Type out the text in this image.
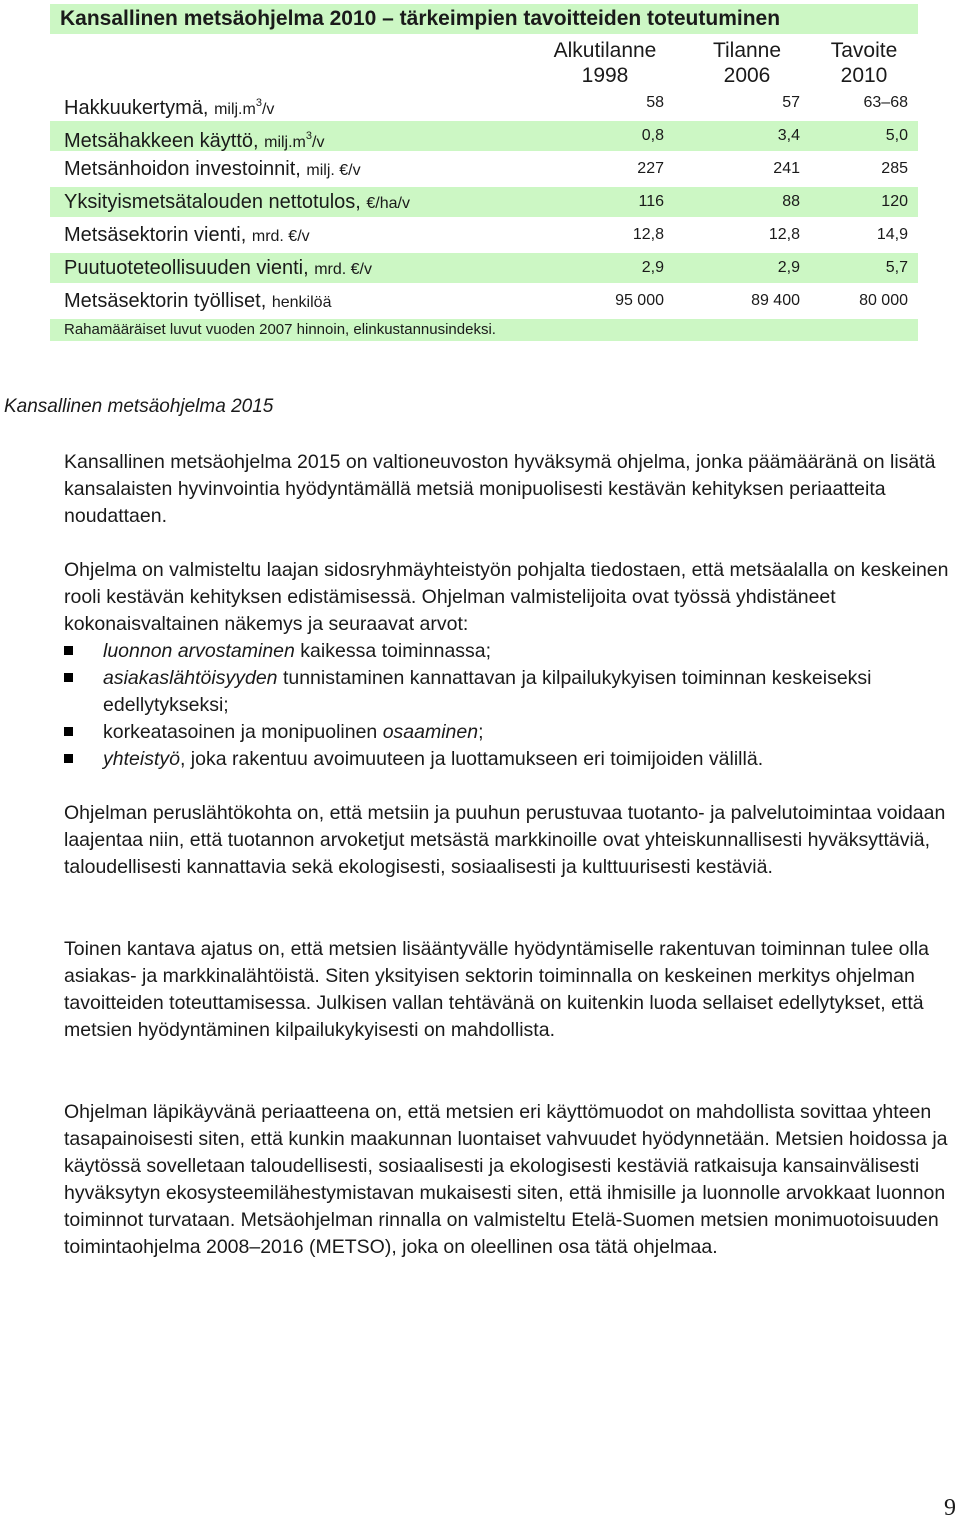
Kansallinen metsäohjelma 2010 – tärkeimpien tavoitteiden toteutuminen
Alkutilanne
1998
Tilanne
2006
Tavoite
2010
Hakkuukertymä, $milj.m^3/v$	58	57	63–68
Metsähakkeen käyttö, $milj.m^3/v$	0,8	3,4	5,0
Metsänhoidon investoinnit, milj. €/v	227	241	285
Yksityismetsätalouden nettotulos, €/ha/v	116	88	120
Metsäsektorin vienti, mrd. €/v	12,8	12,8	14,9
Puutuoteteollisuuden vienti, mrd. €/v	2,9	2,9	5,7
Metsäsektorin työlliset, henkilöä	95 000	89 400	80 000
Rahamääräiset luvut vuoden 2007 hinnoin, elinkustannusindeksi.
Kansallinen metsäohjelma 2015

Kansallinen metsäohjelma 2015 on valtioneuvoston hyväksymä ohjelma, jonka päämääränä on lisätä kansalaisten hyvinvointia hyödyntämällä metsiä monipuolisesti kestävän kehityksen periaatteita noudattaen.

Ohjelma on valmisteltu laajan sidosryhmäyhteistyön pohjalta tiedostaen, että metsäalalla on keskeinen rooli kestävän kehityksen edistämisessä. Ohjelman valmistelijoita ovat työssä yhdistäneet kokonaisvaltainen näkemys ja seuraavat arvot:

luonnon arvostaminen kaikessa toiminnassa;
asiakaslähtöisyyden tunnistaminen kannattavan ja kilpailukykyisen toiminnan keskeiseksi edellytykseksi;
korkeatasoinen ja monipuolinen osaaminen;
yhteistyö, joka rakentuu avoimuuteen ja luottamukseen eri toimijoiden välillä.

Ohjelman peruslähtökohta on, että metsiin ja puuhun perustuvaa tuotanto- ja palvelutoimintaa voidaan laajentaa niin, että tuotannon arvoketjut metsästä markkinoille ovat yhteiskunnallisesti hyväksyttäviä, taloudellisesti kannattavia sekä ekologisesti, sosiaalisesti ja kulttuurisesti kestäviä.

Toinen kantava ajatus on, että metsien lisääntyvälle hyödyntämiselle rakentuvan toiminnan tulee olla asiakas- ja markkinalähtöistä. Siten yksityisen sektorin toiminnalla on keskeinen merkitys ohjelman tavoitteiden toteuttamisessa. Julkisen vallan tehtävänä on kuitenkin luoda sellaiset edellytykset, että metsien hyödyntäminen kilpailukykyisesti on mahdollista.

Ohjelman läpikäyvänä periaatteena on, että metsien eri käyttömuodot on mahdollista sovittaa yhteen tasapainoisesti siten, että kunkin maakunnan luontaiset vahvuudet hyödynnetään. Metsien hoidossa ja käytössä sovelletaan taloudellisesti, sosiaalisesti ja ekologisesti kestäviä ratkaisuja kansainvälisesti hyväksytyn ekosysteemilähestymistavan mukaisesti siten, että ihmisille ja luonnolle arvokkaat luonnon toiminnot turvataan. Metsäohjelman rinnalla on valmisteltu Etelä-Suomen metsien monimuotoisuuden toimintaohjelma 2008–2016 (METSO), joka on oleellinen osa tätä ohjelmaa.

9
